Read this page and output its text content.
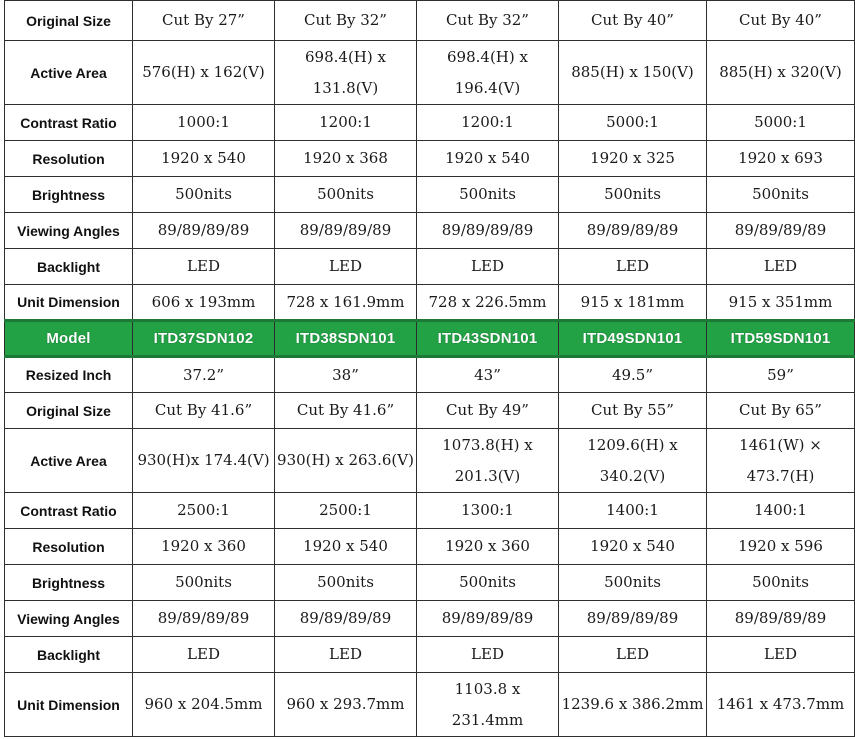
Original Size	Cut By 27”	Cut By 32”	Cut By 32”	Cut By 40”	Cut By 40”
Active Area	576(H) x 162(V)	698.4(H) x 131.8(V)	698.4(H) x 196.4(V)	885(H) x 150(V)	885(H) x 320(V)
Contrast Ratio	1000:1	1200:1	1200:1	5000:1	5000:1
Resolution	1920 x 540	1920 x 368	1920 x 540	1920 x 325	1920 x 693
Brightness	500nits	500nits	500nits	500nits	500nits
Viewing Angles	89/89/89/89	89/89/89/89	89/89/89/89	89/89/89/89	89/89/89/89
Backlight	LED	LED	LED	LED	LED
Unit Dimension	606 x 193mm	728 x 161.9mm	728 x 226.5mm	915 x 181mm	915 x 351mm
Model	ITD37SDN102	ITD38SDN101	ITD43SDN101	ITD49SDN101	ITD59SDN101
Resized Inch	37.2”	38”	43”	49.5”	59”
Original Size	Cut By 41.6”	Cut By 41.6”	Cut By 49”	Cut By 55”	Cut By 65”
Active Area	930(H)x 174.4(V)	930(H) x 263.6(V)	1073.8(H) x 201.3(V)	1209.6(H) x 340.2(V)	1461(W) × 473.7(H)
Contrast Ratio	2500:1	2500:1	1300:1	1400:1	1400:1
Resolution	1920 x 360	1920 x 540	1920 x 360	1920 x 540	1920 x 596
Brightness	500nits	500nits	500nits	500nits	500nits
Viewing Angles	89/89/89/89	89/89/89/89	89/89/89/89	89/89/89/89	89/89/89/89
Backlight	LED	LED	LED	LED	LED
Unit Dimension	960 x 204.5mm	960 x 293.7mm	1103.8 x 231.4mm	1239.6 x 386.2mm	1461 x 473.7mm
